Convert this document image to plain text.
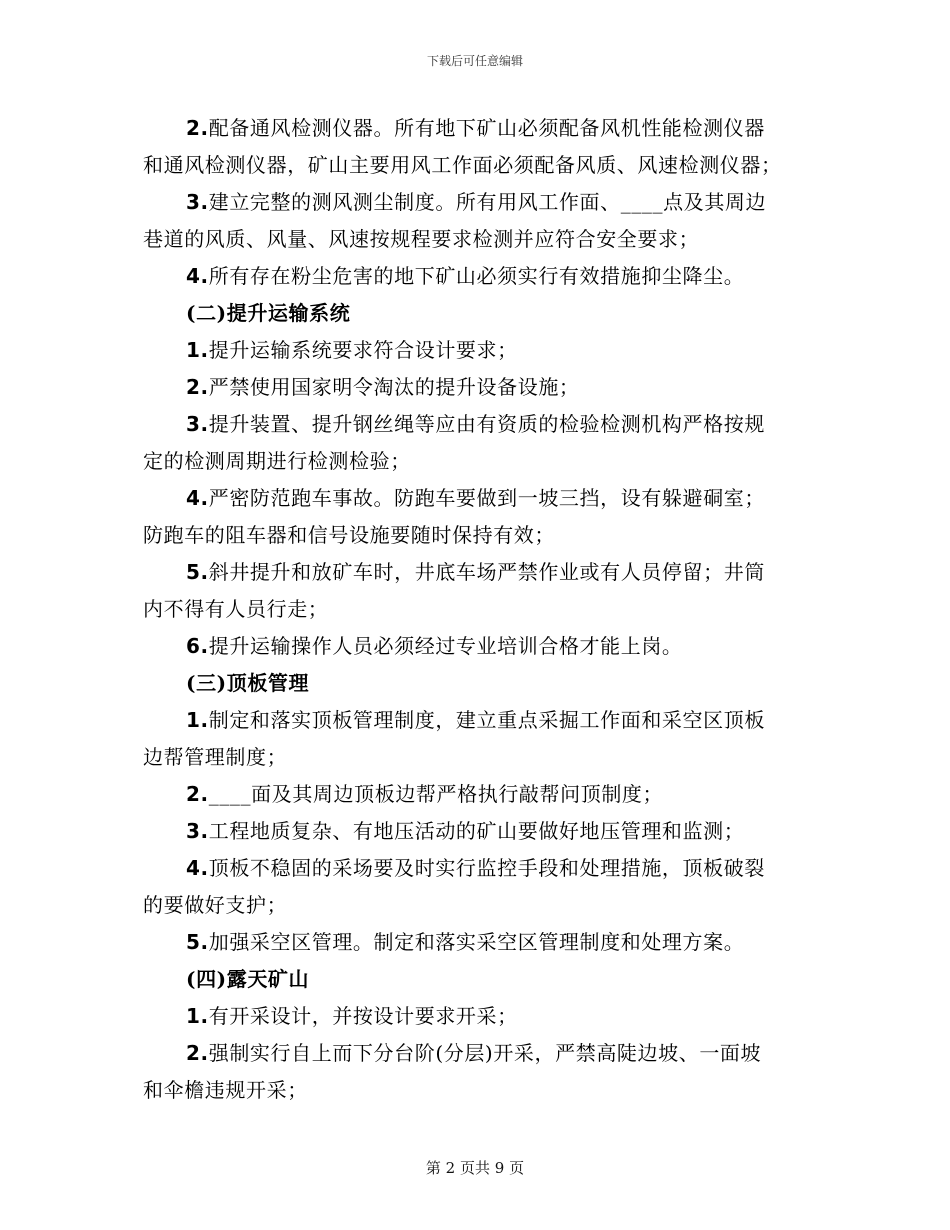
下载后可任意编辑
2.配备通风检测仪器。所有地下矿山必须配备风机性能检测仪器
和通风检测仪器，矿山主要用风工作面必须配备风质、风速检测仪器；
3.建立完整的测风测尘制度。所有用风工作面、____点及其周边
巷道的风质、风量、风速按规程要求检测并应符合安全要求；
4.所有存在粉尘危害的地下矿山必须实行有效措施抑尘降尘。
(二)提升运输系统
1.提升运输系统要求符合设计要求；
2.严禁使用国家明令淘汰的提升设备设施；
3.提升装置、提升钢丝绳等应由有资质的检验检测机构严格按规
定的检测周期进行检测检验；
4.严密防范跑车事故。防跑车要做到一坡三挡，设有躲避硐室；
防跑车的阻车器和信号设施要随时保持有效；
5.斜井提升和放矿车时，井底车场严禁作业或有人员停留；井筒
内不得有人员行走；
6.提升运输操作人员必须经过专业培训合格才能上岗。
(三)顶板管理
1.制定和落实顶板管理制度，建立重点采掘工作面和采空区顶板
边帮管理制度；
2.____面及其周边顶板边帮严格执行敲帮问顶制度；
3.工程地质复杂、有地压活动的矿山要做好地压管理和监测；
4.顶板不稳固的采场要及时实行监控手段和处理措施，顶板破裂
的要做好支护；
5.加强采空区管理。制定和落实采空区管理制度和处理方案。
(四)露天矿山
1.有开采设计，并按设计要求开采；
2.强制实行自上而下分台阶(分层)开采，严禁高陡边坡、一面坡
和伞檐违规开采；
第 2 页共 9 页
